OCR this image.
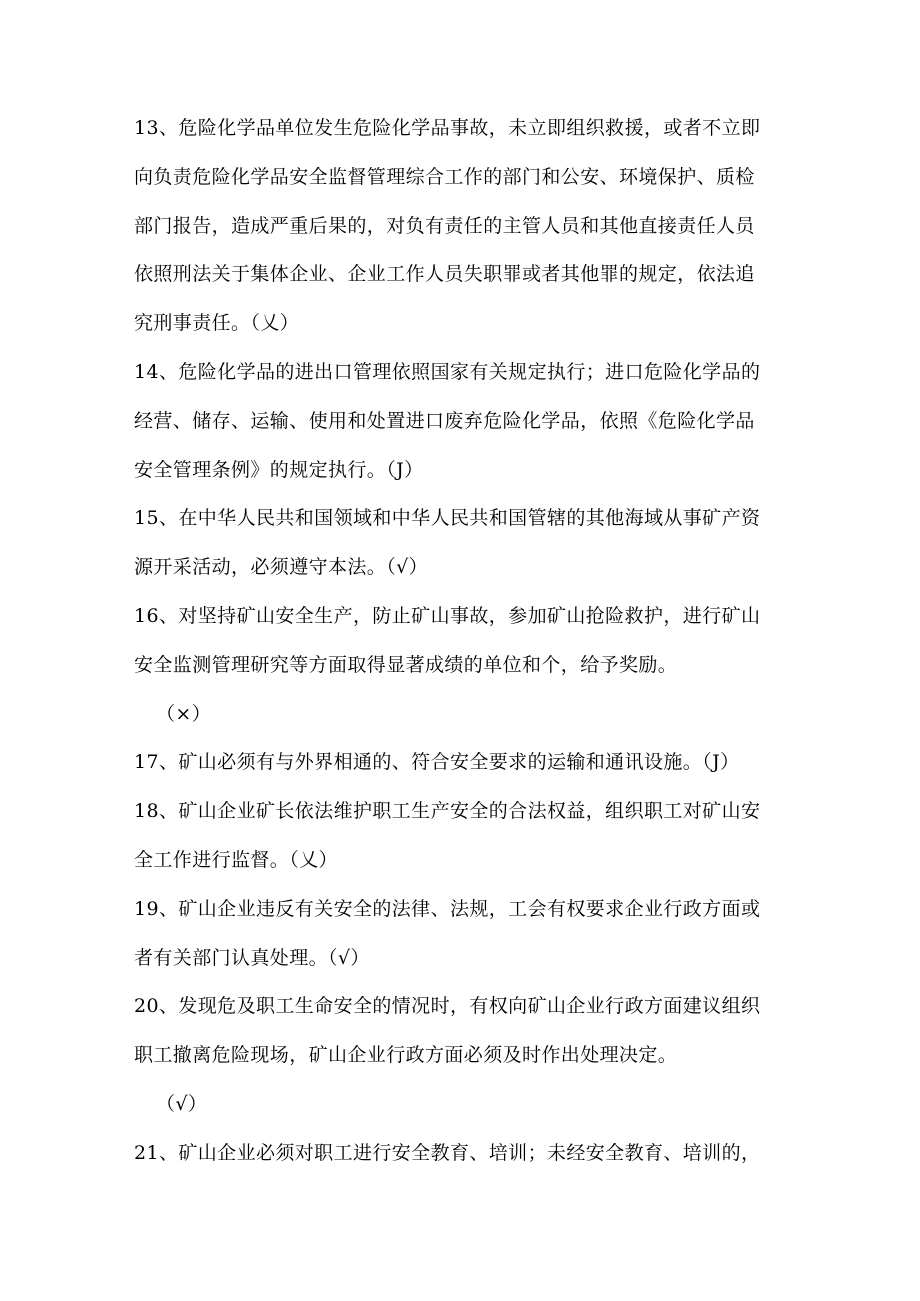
13、危险化学品单位发生危险化学品事故，未立即组织救援，或者不立即
向负责危险化学品安全监督管理综合工作的部门和公安、环境保护、质检
部门报告，造成严重后果的，对负有责任的主管人员和其他直接责任人员
依照刑法关于集体企业、企业工作人员失职罪或者其他罪的规定，依法追
究刑事责任。（乂）
14、危险化学品的进出口管理依照国家有关规定执行；进口危险化学品的
经营、储存、运输、使用和处置进口废弃危险化学品，依照《危险化学品
安全管理条例》的规定执行。（J）
15、在中华人民共和国领域和中华人民共和国管辖的其他海域从事矿产资
源开采活动，必须遵守本法。（√）
16、对坚持矿山安全生产，防止矿山事故，参加矿山抢险救护，进行矿山
安全监测管理研究等方面取得显著成绩的单位和个，给予奖励。
（×）
17、矿山必须有与外界相通的、符合安全要求的运输和通讯设施。（J）
18、矿山企业矿长依法维护职工生产安全的合法权益，组织职工对矿山安
全工作进行监督。（乂）
19、矿山企业违反有关安全的法律、法规，工会有权要求企业行政方面或
者有关部门认真处理。（√）
20、发现危及职工生命安全的情况时，有权向矿山企业行政方面建议组织
职工撤离危险现场，矿山企业行政方面必须及时作出处理决定。
（√）
21、矿山企业必须对职工进行安全教育、培训；未经安全教育、培训的，
